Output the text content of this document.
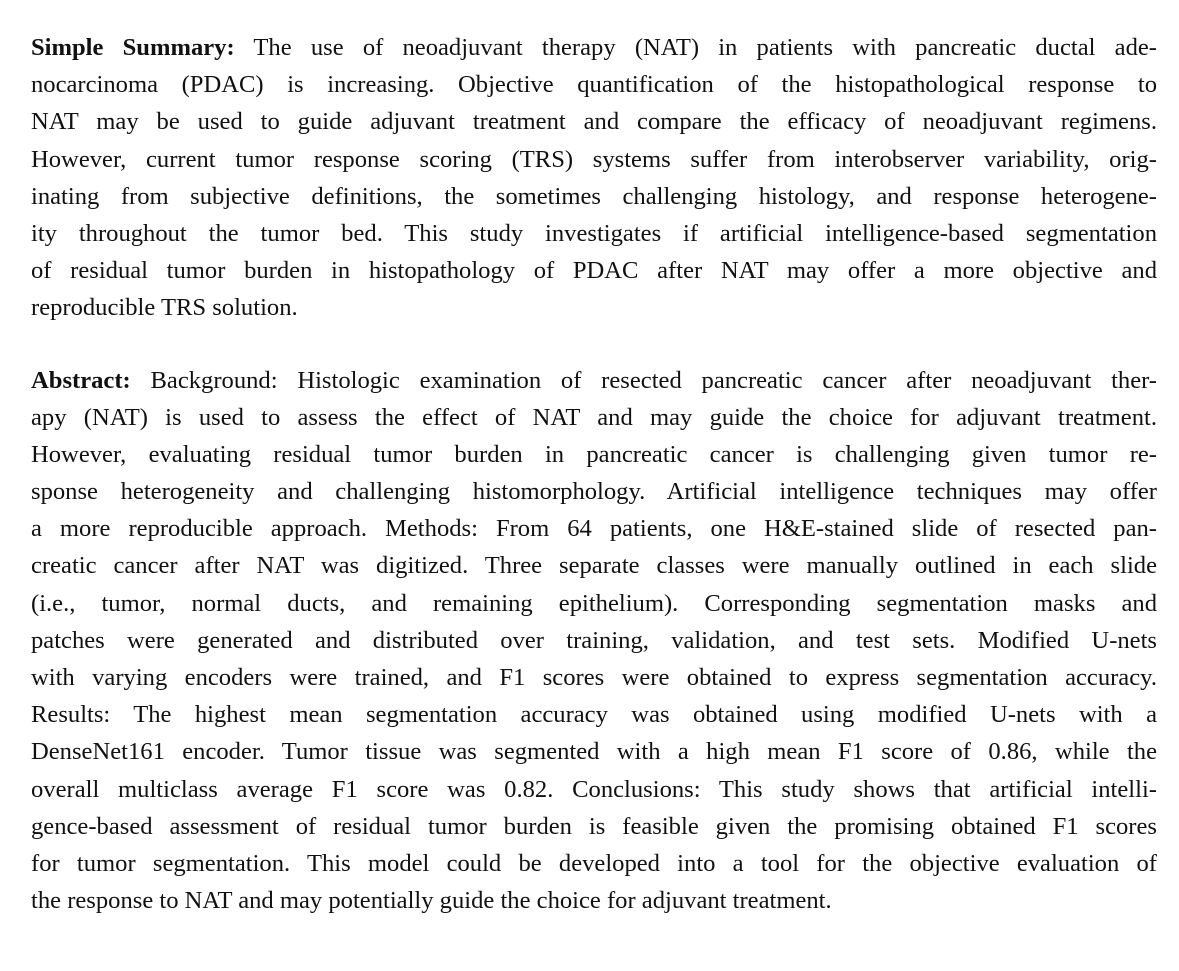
Simple Summary: The use of neoadjuvant therapy (NAT) in patients with pancreatic ductal ade-
nocarcinoma (PDAC) is increasing. Objective quantification of the histopathological response to
NAT may be used to guide adjuvant treatment and compare the efficacy of neoadjuvant regimens.
However, current tumor response scoring (TRS) systems suffer from interobserver variability, orig-
inating from subjective definitions, the sometimes challenging histology, and response heterogene-
ity throughout the tumor bed. This study investigates if artificial intelligence-based segmentation
of residual tumor burden in histopathology of PDAC after NAT may offer a more objective and
reproducible TRS solution.
Abstract: Background: Histologic examination of resected pancreatic cancer after neoadjuvant ther-
apy (NAT) is used to assess the effect of NAT and may guide the choice for adjuvant treatment.
However, evaluating residual tumor burden in pancreatic cancer is challenging given tumor re-
sponse heterogeneity and challenging histomorphology. Artificial intelligence techniques may offer
a more reproducible approach. Methods: From 64 patients, one H&E-stained slide of resected pan-
creatic cancer after NAT was digitized. Three separate classes were manually outlined in each slide
(i.e., tumor, normal ducts, and remaining epithelium). Corresponding segmentation masks and
patches were generated and distributed over training, validation, and test sets. Modified U-nets
with varying encoders were trained, and F1 scores were obtained to express segmentation accuracy.
Results: The highest mean segmentation accuracy was obtained using modified U-nets with a
DenseNet161 encoder. Tumor tissue was segmented with a high mean F1 score of 0.86, while the
overall multiclass average F1 score was 0.82. Conclusions: This study shows that artificial intelli-
gence-based assessment of residual tumor burden is feasible given the promising obtained F1 scores
for tumor segmentation. This model could be developed into a tool for the objective evaluation of
the response to NAT and may potentially guide the choice for adjuvant treatment.
